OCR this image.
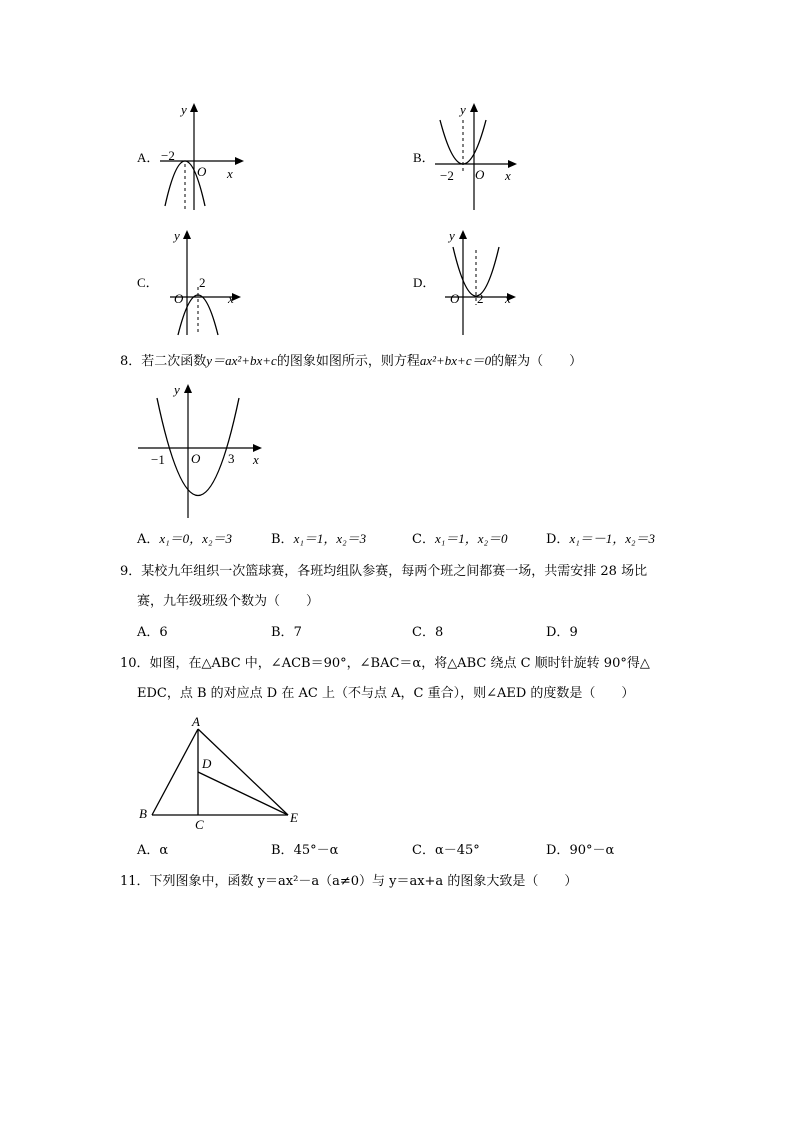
A． −2
O x
y
B．
−2 O x
y
C．	2
O	x
y
D．
2
O	x
y
8．若二次函数y＝ax²+bx+c的图象如图所示，则方程ax²+bx+c＝0的解为（　　）
−1 O 3 x
y
A．x₁＝0，x₂＝3	B．x₁＝1，x₂＝3	C．x₁＝1，x₂＝0	D．x₁＝－1，x₂＝3
9．某校九年组织一次篮球赛，各班均组队参赛，每两个班之间都赛一场，共需安排 28 场比
赛，九年级班级个数为（　　）
A．6	B．7	C．8	D．9
10．如图，在△ABC 中，∠ACB＝90°，∠BAC＝α，将△ABC 绕点 C 顺时针旋转 90°得△
EDC，点 B 的对应点 D 在 AC 上（不与点 A，C 重合），则∠AED 的度数是（　　）
A
B
C
D
E
A．α	B．45°－α	C．α－45°	D．90°－α
11．下列图象中，函数 y＝ax²－a（a≠0）与 y＝ax+a 的图象大致是（　　）
